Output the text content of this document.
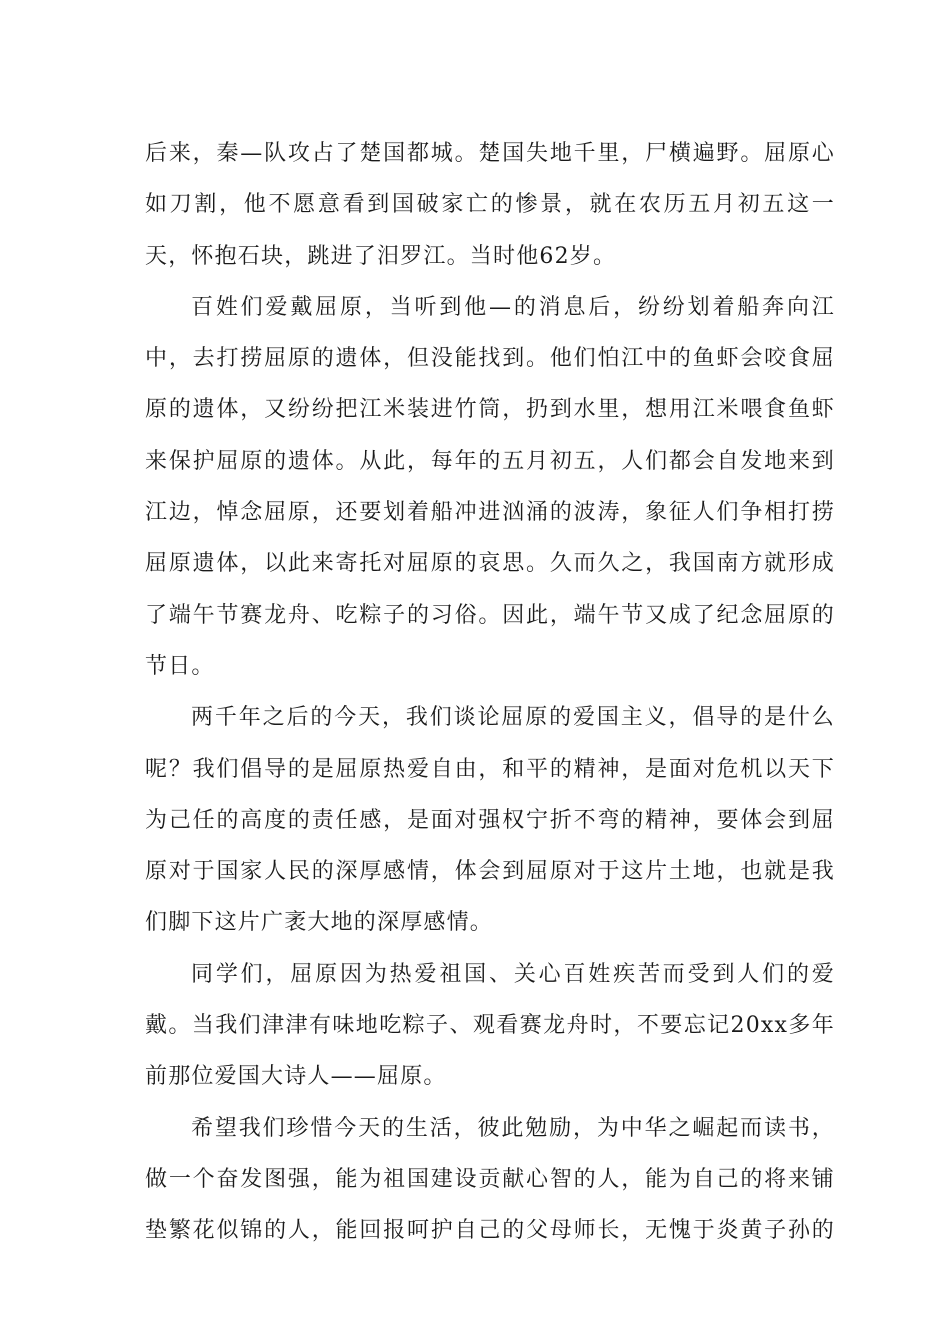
后来，秦—队攻占了楚国都城。楚国失地千里，尸横遍野。屈原心
如刀割，他不愿意看到国破家亡的惨景，就在农历五月初五这一
天，怀抱石块，跳进了汨罗江。当时他62岁。
百姓们爱戴屈原，当听到他—的消息后，纷纷划着船奔向江
中，去打捞屈原的遗体，但没能找到。他们怕江中的鱼虾会咬食屈
原的遗体，又纷纷把江米装进竹筒，扔到水里，想用江米喂食鱼虾
来保护屈原的遗体。从此，每年的五月初五，人们都会自发地来到
江边，悼念屈原，还要划着船冲进汹涌的波涛，象征人们争相打捞
屈原遗体，以此来寄托对屈原的哀思。久而久之，我国南方就形成
了端午节赛龙舟、吃粽子的习俗。因此，端午节又成了纪念屈原的
节日。
两千年之后的今天，我们谈论屈原的爱国主义，倡导的是什么
呢？我们倡导的是屈原热爱自由，和平的精神，是面对危机以天下
为己任的高度的责任感，是面对强权宁折不弯的精神，要体会到屈
原对于国家人民的深厚感情，体会到屈原对于这片土地，也就是我
们脚下这片广袤大地的深厚感情。
同学们，屈原因为热爱祖国、关心百姓疾苦而受到人们的爱
戴。当我们津津有味地吃粽子、观看赛龙舟时，不要忘记20xx多年
前那位爱国大诗人——屈原。
希望我们珍惜今天的生活，彼此勉励，为中华之崛起而读书，
做一个奋发图强，能为祖国建设贡献心智的人，能为自己的将来铺
垫繁花似锦的人，能回报呵护自己的父母师长，无愧于炎黄子孙的
